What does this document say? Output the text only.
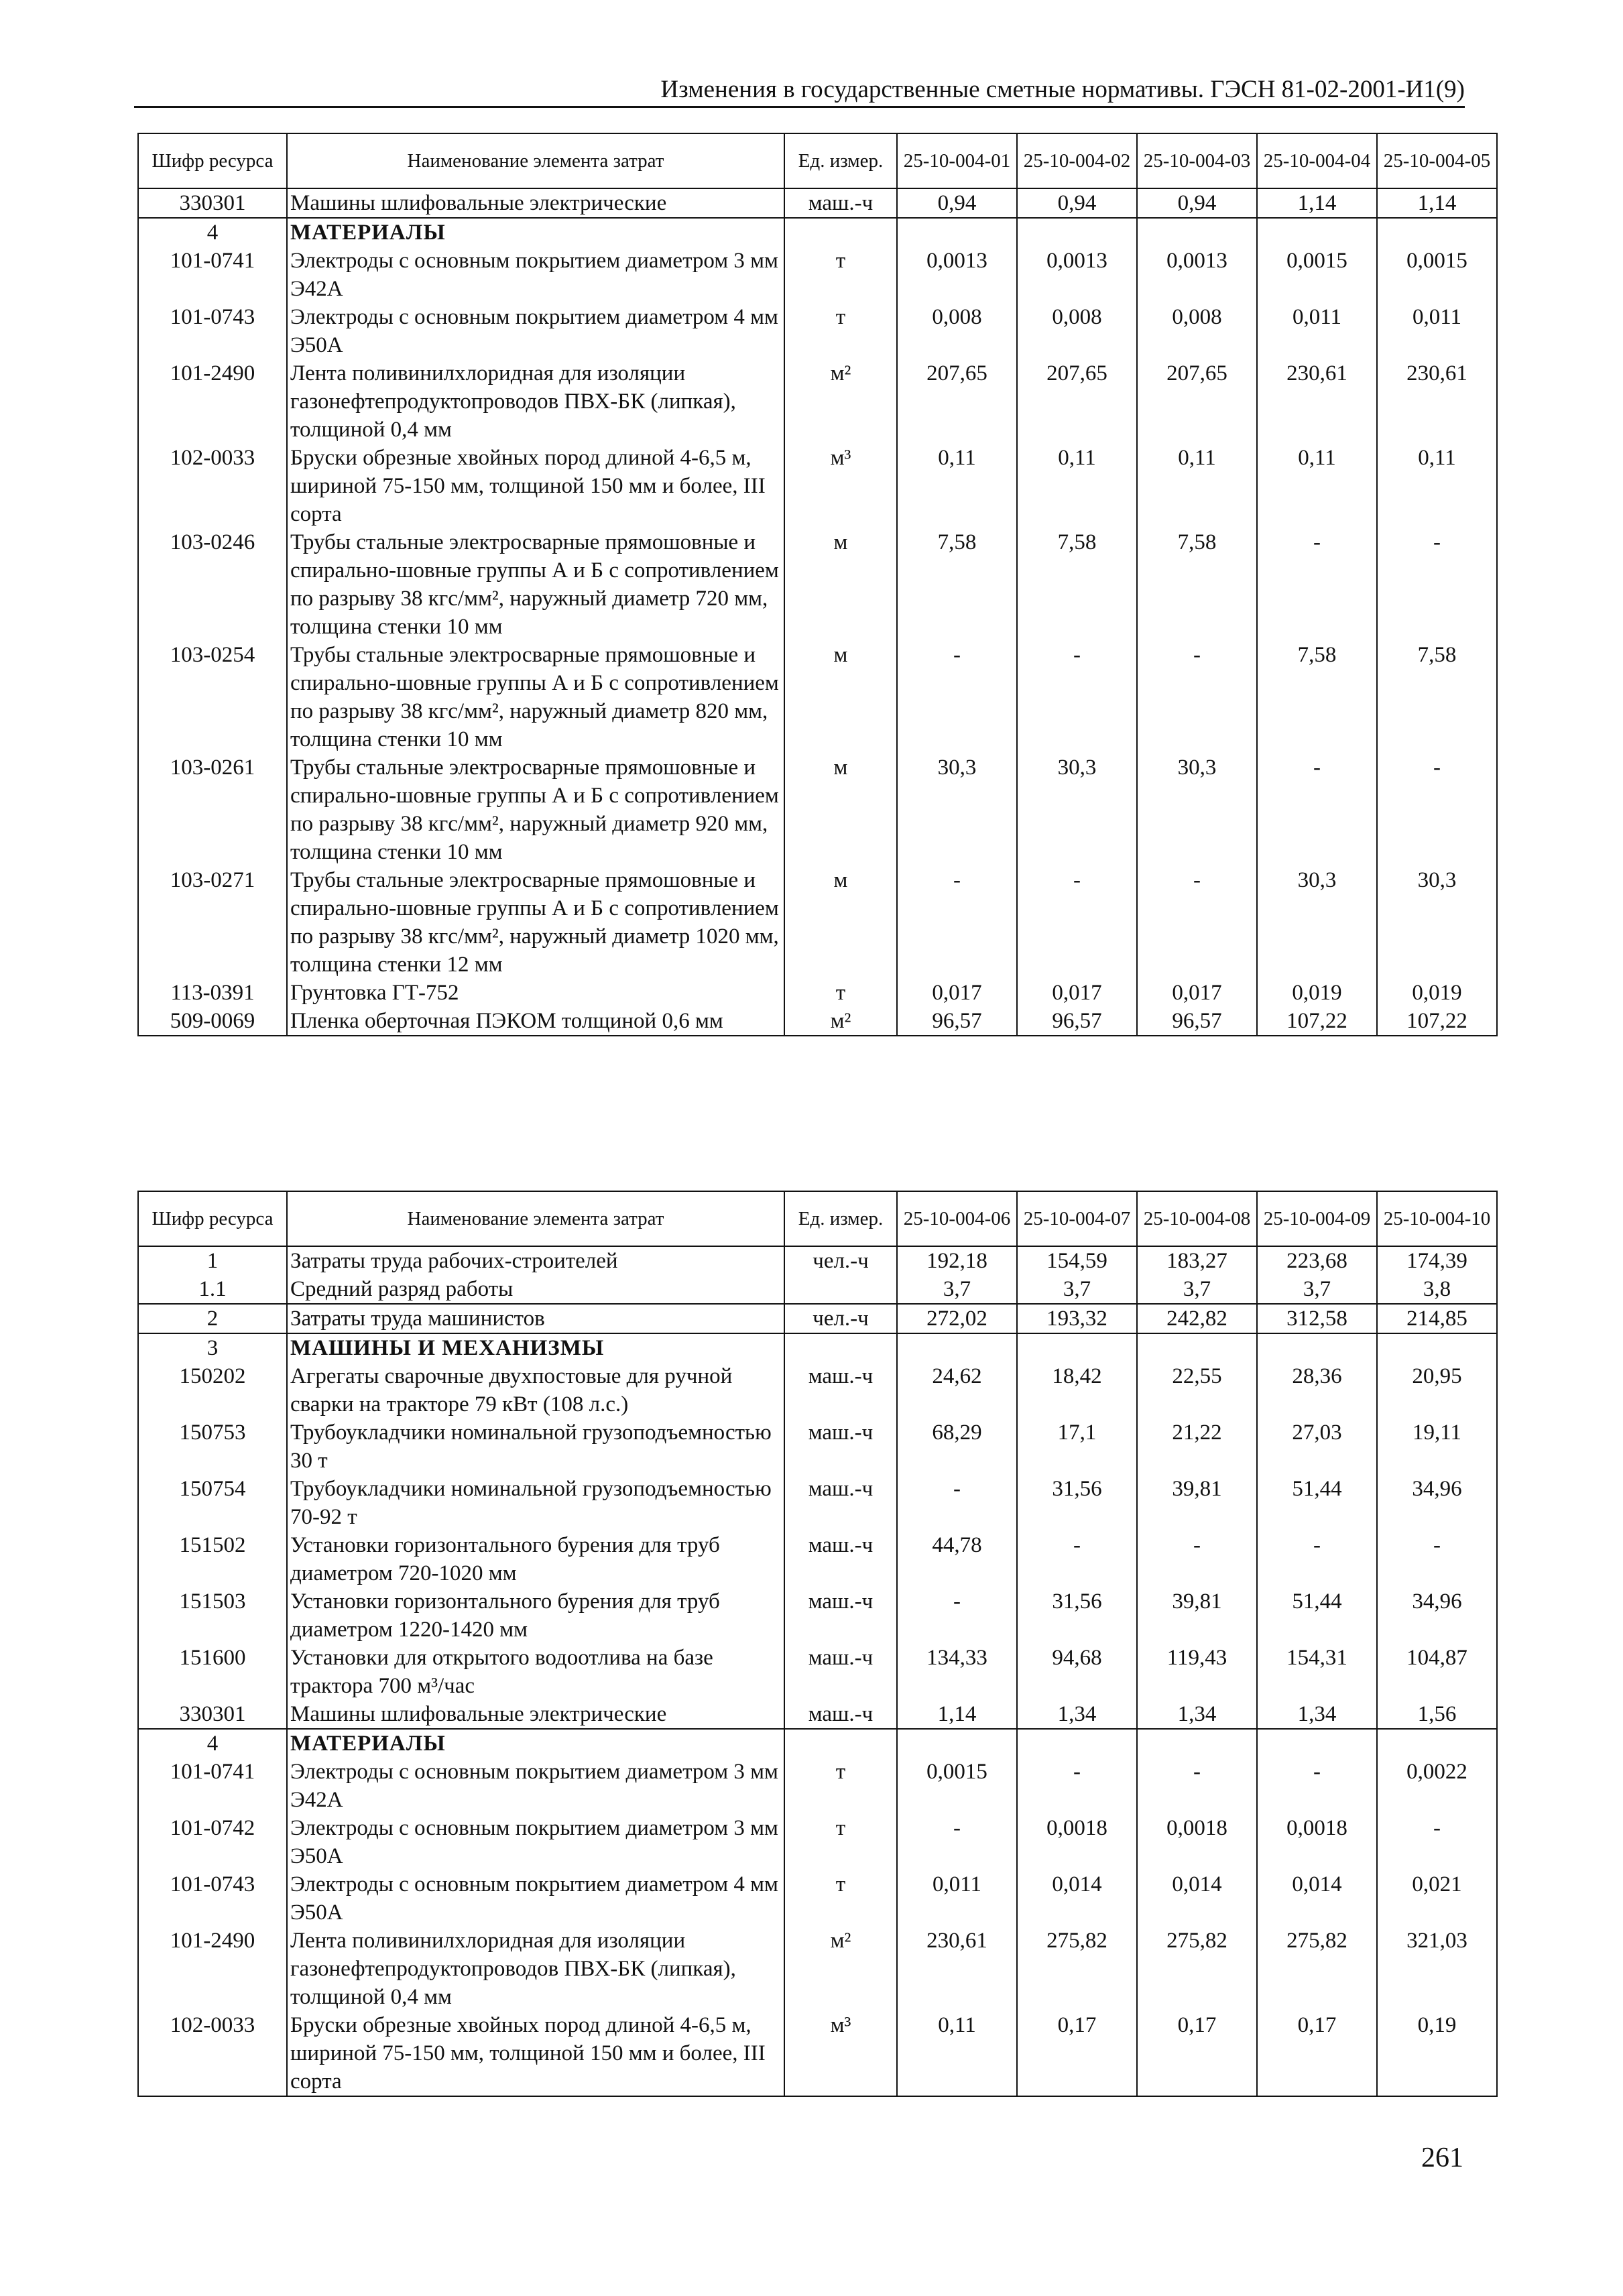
Изменения в государственные сметные нормативы. ГЭСН 81-02-2001-И1(9)
Шифр ресурса	Наименование элемента затрат	Ед. измер.	25-10-004-01	25-10-004-02	25-10-004-03	25-10-004-04	25-10-004-05
330301	Машины шлифовальные электрические	маш.-ч	0,94	0,94	0,94	1,14	1,14
4	МАТЕРИАЛЫ						
101-0741	Электроды с основным покрытием диаметром 3 мм Э42А	т	0,0013	0,0013	0,0013	0,0015	0,0015
101-0743	Электроды с основным покрытием диаметром 4 мм Э50А	т	0,008	0,008	0,008	0,011	0,011
101-2490	Лента поливинилхлоридная для изоляции газонефтепродуктопроводов ПВХ-БК (липкая), толщиной 0,4 мм	м²	207,65	207,65	207,65	230,61	230,61
102-0033	Бруски обрезные хвойных пород длиной 4-6,5 м, шириной 75-150 мм, толщиной 150 мм и более, III сорта	м³	0,11	0,11	0,11	0,11	0,11
103-0246	Трубы стальные электросварные прямошовные и спирально-шовные группы А и Б с сопротивлением по разрыву 38 кгс/мм², наружный диаметр 720 мм, толщина стенки 10 мм	м	7,58	7,58	7,58	-	-
103-0254	Трубы стальные электросварные прямошовные и спирально-шовные группы А и Б с сопротивлением по разрыву 38 кгс/мм², наружный диаметр 820 мм, толщина стенки 10 мм	м	-	-	-	7,58	7,58
103-0261	Трубы стальные электросварные прямошовные и спирально-шовные группы А и Б с сопротивлением по разрыву 38 кгс/мм², наружный диаметр 920 мм, толщина стенки 10 мм	м	30,3	30,3	30,3	-	-
103-0271	Трубы стальные электросварные прямошовные и спирально-шовные группы А и Б с сопротивлением по разрыву 38 кгс/мм², наружный диаметр 1020 мм, толщина стенки 12 мм	м	-	-	-	30,3	30,3
113-0391	Грунтовка ГТ-752	т	0,017	0,017	0,017	0,019	0,019
509-0069	Пленка оберточная ПЭКОМ толщиной 0,6 мм	м²	96,57	96,57	96,57	107,22	107,22
Шифр ресурса	Наименование элемента затрат	Ед. измер.	25-10-004-06	25-10-004-07	25-10-004-08	25-10-004-09	25-10-004-10
1	Затраты труда рабочих-строителей	чел.-ч	192,18	154,59	183,27	223,68	174,39
1.1	Средний разряд работы		3,7	3,7	3,7	3,7	3,8
2	Затраты труда машинистов	чел.-ч	272,02	193,32	242,82	312,58	214,85
3	МАШИНЫ И МЕХАНИЗМЫ						
150202	Агрегаты сварочные двухпостовые для ручной сварки на тракторе 79 кВт (108 л.с.)	маш.-ч	24,62	18,42	22,55	28,36	20,95
150753	Трубоукладчики номинальной грузоподъемностью 30 т	маш.-ч	68,29	17,1	21,22	27,03	19,11
150754	Трубоукладчики номинальной грузоподъемностью 70-92 т	маш.-ч	-	31,56	39,81	51,44	34,96
151502	Установки горизонтального бурения для труб диаметром 720-1020 мм	маш.-ч	44,78	-	-	-	-
151503	Установки горизонтального бурения для труб диаметром 1220-1420 мм	маш.-ч	-	31,56	39,81	51,44	34,96
151600	Установки для открытого водоотлива на базе трактора 700 м³/час	маш.-ч	134,33	94,68	119,43	154,31	104,87
330301	Машины шлифовальные электрические	маш.-ч	1,14	1,34	1,34	1,34	1,56
4	МАТЕРИАЛЫ						
101-0741	Электроды с основным покрытием диаметром 3 мм Э42А	т	0,0015	-	-	-	0,0022
101-0742	Электроды с основным покрытием диаметром 3 мм Э50А	т	-	0,0018	0,0018	0,0018	-
101-0743	Электроды с основным покрытием диаметром 4 мм Э50А	т	0,011	0,014	0,014	0,014	0,021
101-2490	Лента поливинилхлоридная для изоляции газонефтепродуктопроводов ПВХ-БК (липкая), толщиной 0,4 мм	м²	230,61	275,82	275,82	275,82	321,03
102-0033	Бруски обрезные хвойных пород длиной 4-6,5 м, шириной 75-150 мм, толщиной 150 мм и более, III сорта	м³	0,11	0,17	0,17	0,17	0,19
261
